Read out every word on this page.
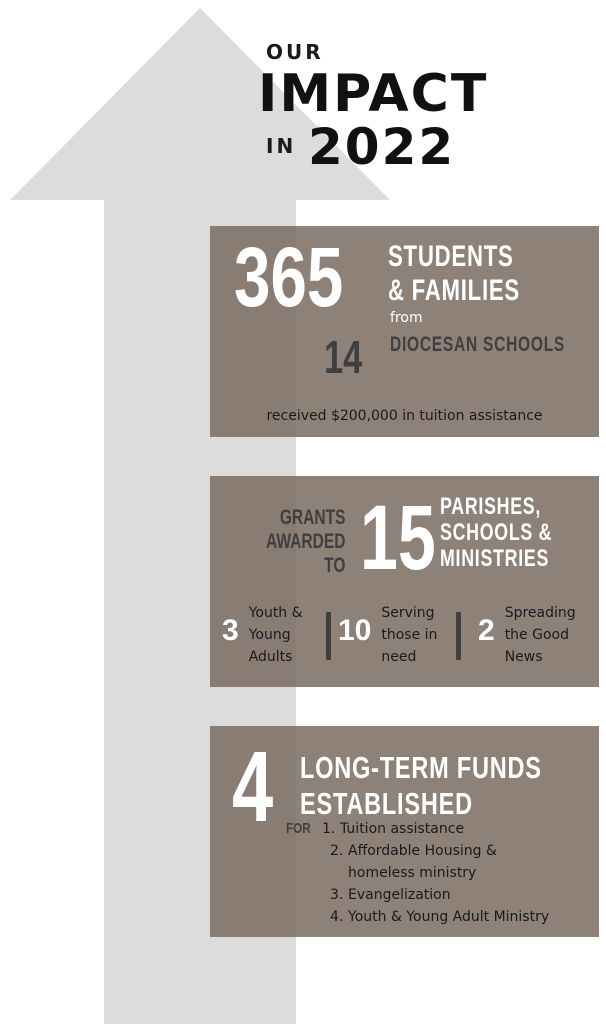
OUR
IMPACT
IN 2022
365 STUDENTS
& FAMILIES
from
14 DIOCESAN SCHOOLS
received $200,000 in tuition assistance
GRANTS
AWARDED
TO 15 PARISHES,
SCHOOLS &
MINISTRIES
3
Youth &
Young
Adults
10
Serving
those in
need
2
Spreading
the Good
News
4 LONG-TERM FUNDS
ESTABLISHED
FOR 1. Tuition assistance
2. Affordable Housing &
homeless ministry
3. Evangelization
4. Youth & Young Adult Ministry
